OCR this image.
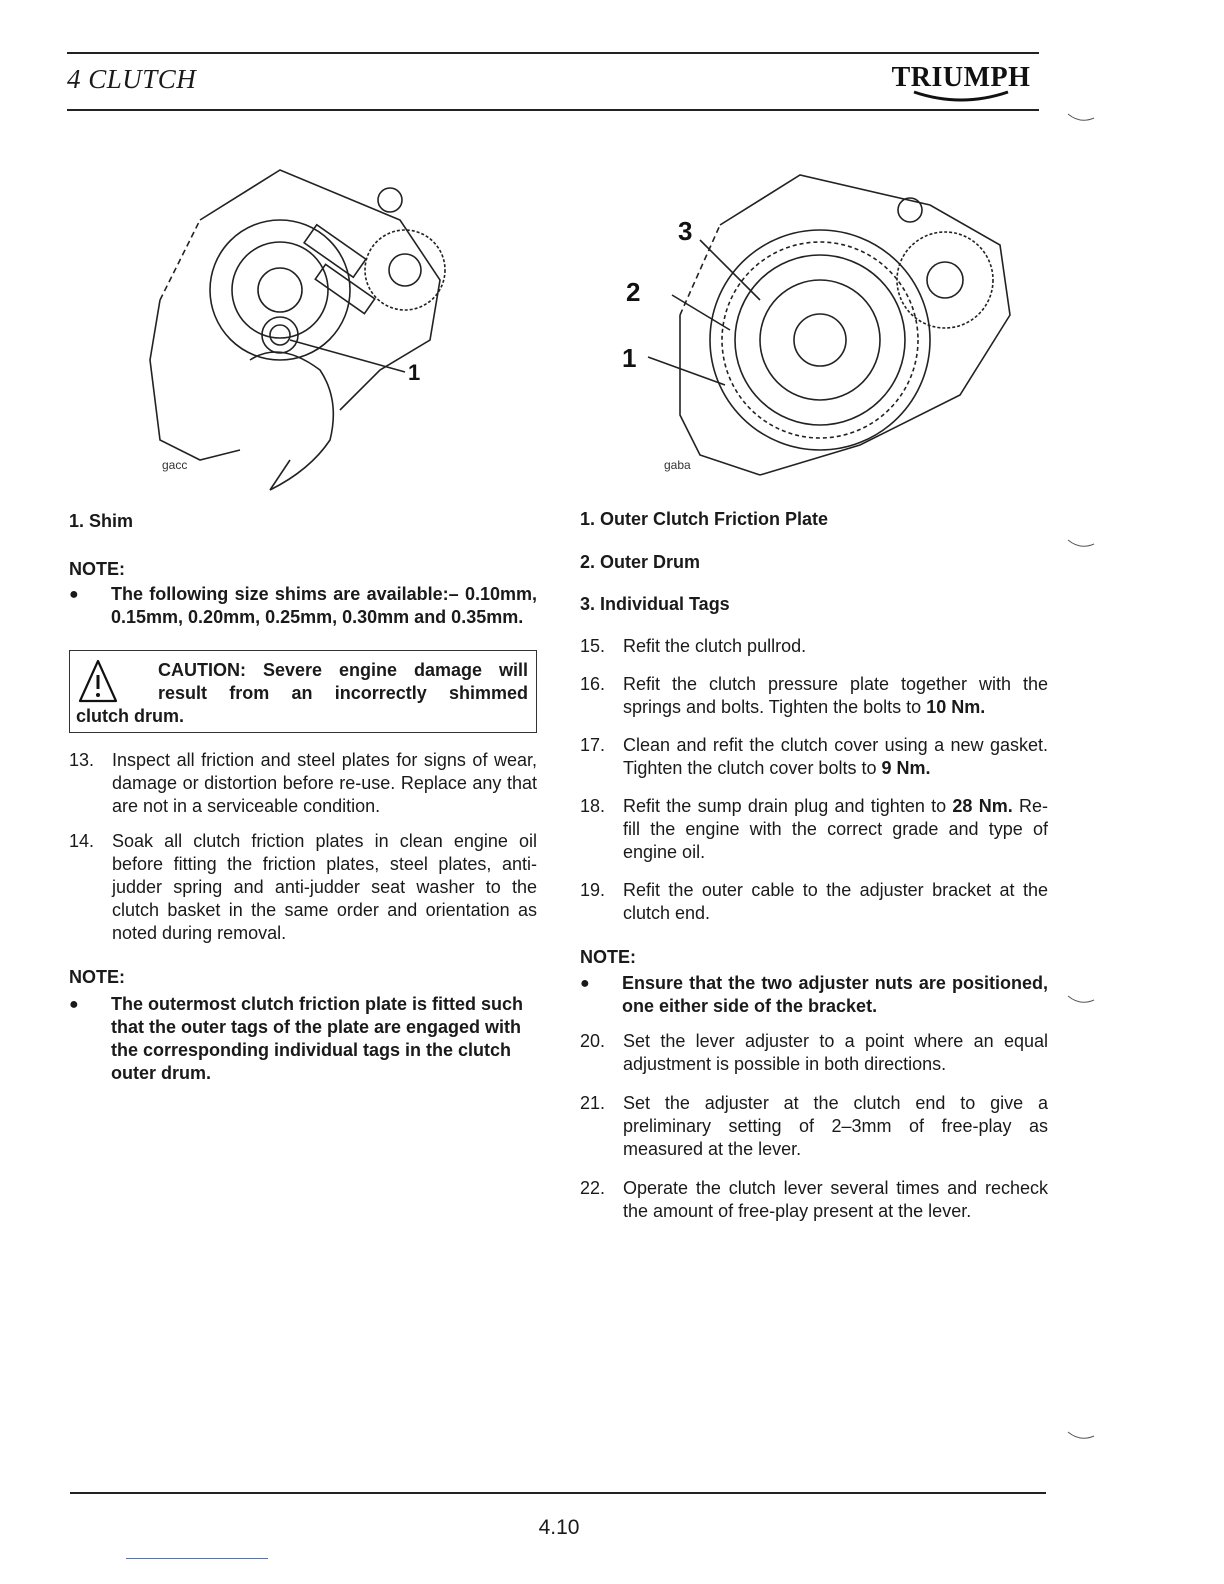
4 CLUTCH	TRIUMPH
1
gacc
3
2
1
gaba

1. Shim

NOTE:

●	The following size shims are available:– 0.10mm, 0.15mm, 0.20mm, 0.25mm, 0.30mm and 0.35mm.
CAUTION: Severe engine damage will result from an incorrectly shimmed
clutch drum.
13. Inspect all friction and steel plates for signs of wear, damage or distortion before re-use. Replace any that are not in a serviceable condition.
14. Soak all clutch friction plates in clean engine oil before fitting the friction plates, steel plates, anti-judder spring and anti-judder seat washer to the clutch basket in the same order and orientation as noted during removal.

NOTE:

●	The outermost clutch friction plate is fitted such that the outer tags of the plate are engaged with the corresponding individual tags in the clutch outer drum.

1. Outer Clutch Friction Plate

2. Outer Drum

3. Individual Tags

15. Refit the clutch pullrod.
16. Refit the clutch pressure plate together with the springs and bolts. Tighten the bolts to 10 Nm.
17. Clean and refit the clutch cover using a new gasket. Tighten the clutch cover bolts to 9 Nm.
18. Refit the sump drain plug and tighten to 28 Nm. Re-fill the engine with the correct grade and type of engine oil.
19. Refit the outer cable to the adjuster bracket at the clutch end.

NOTE:

●	Ensure that the two adjuster nuts are positioned, one either side of the bracket.
20. Set the lever adjuster to a point where an equal adjustment is possible in both directions.
21. Set the adjuster at the clutch end to give a preliminary setting of 2–3mm of free-play as measured at the lever.
22. Operate the clutch lever several times and recheck the amount of free-play present at the lever.
4.10
